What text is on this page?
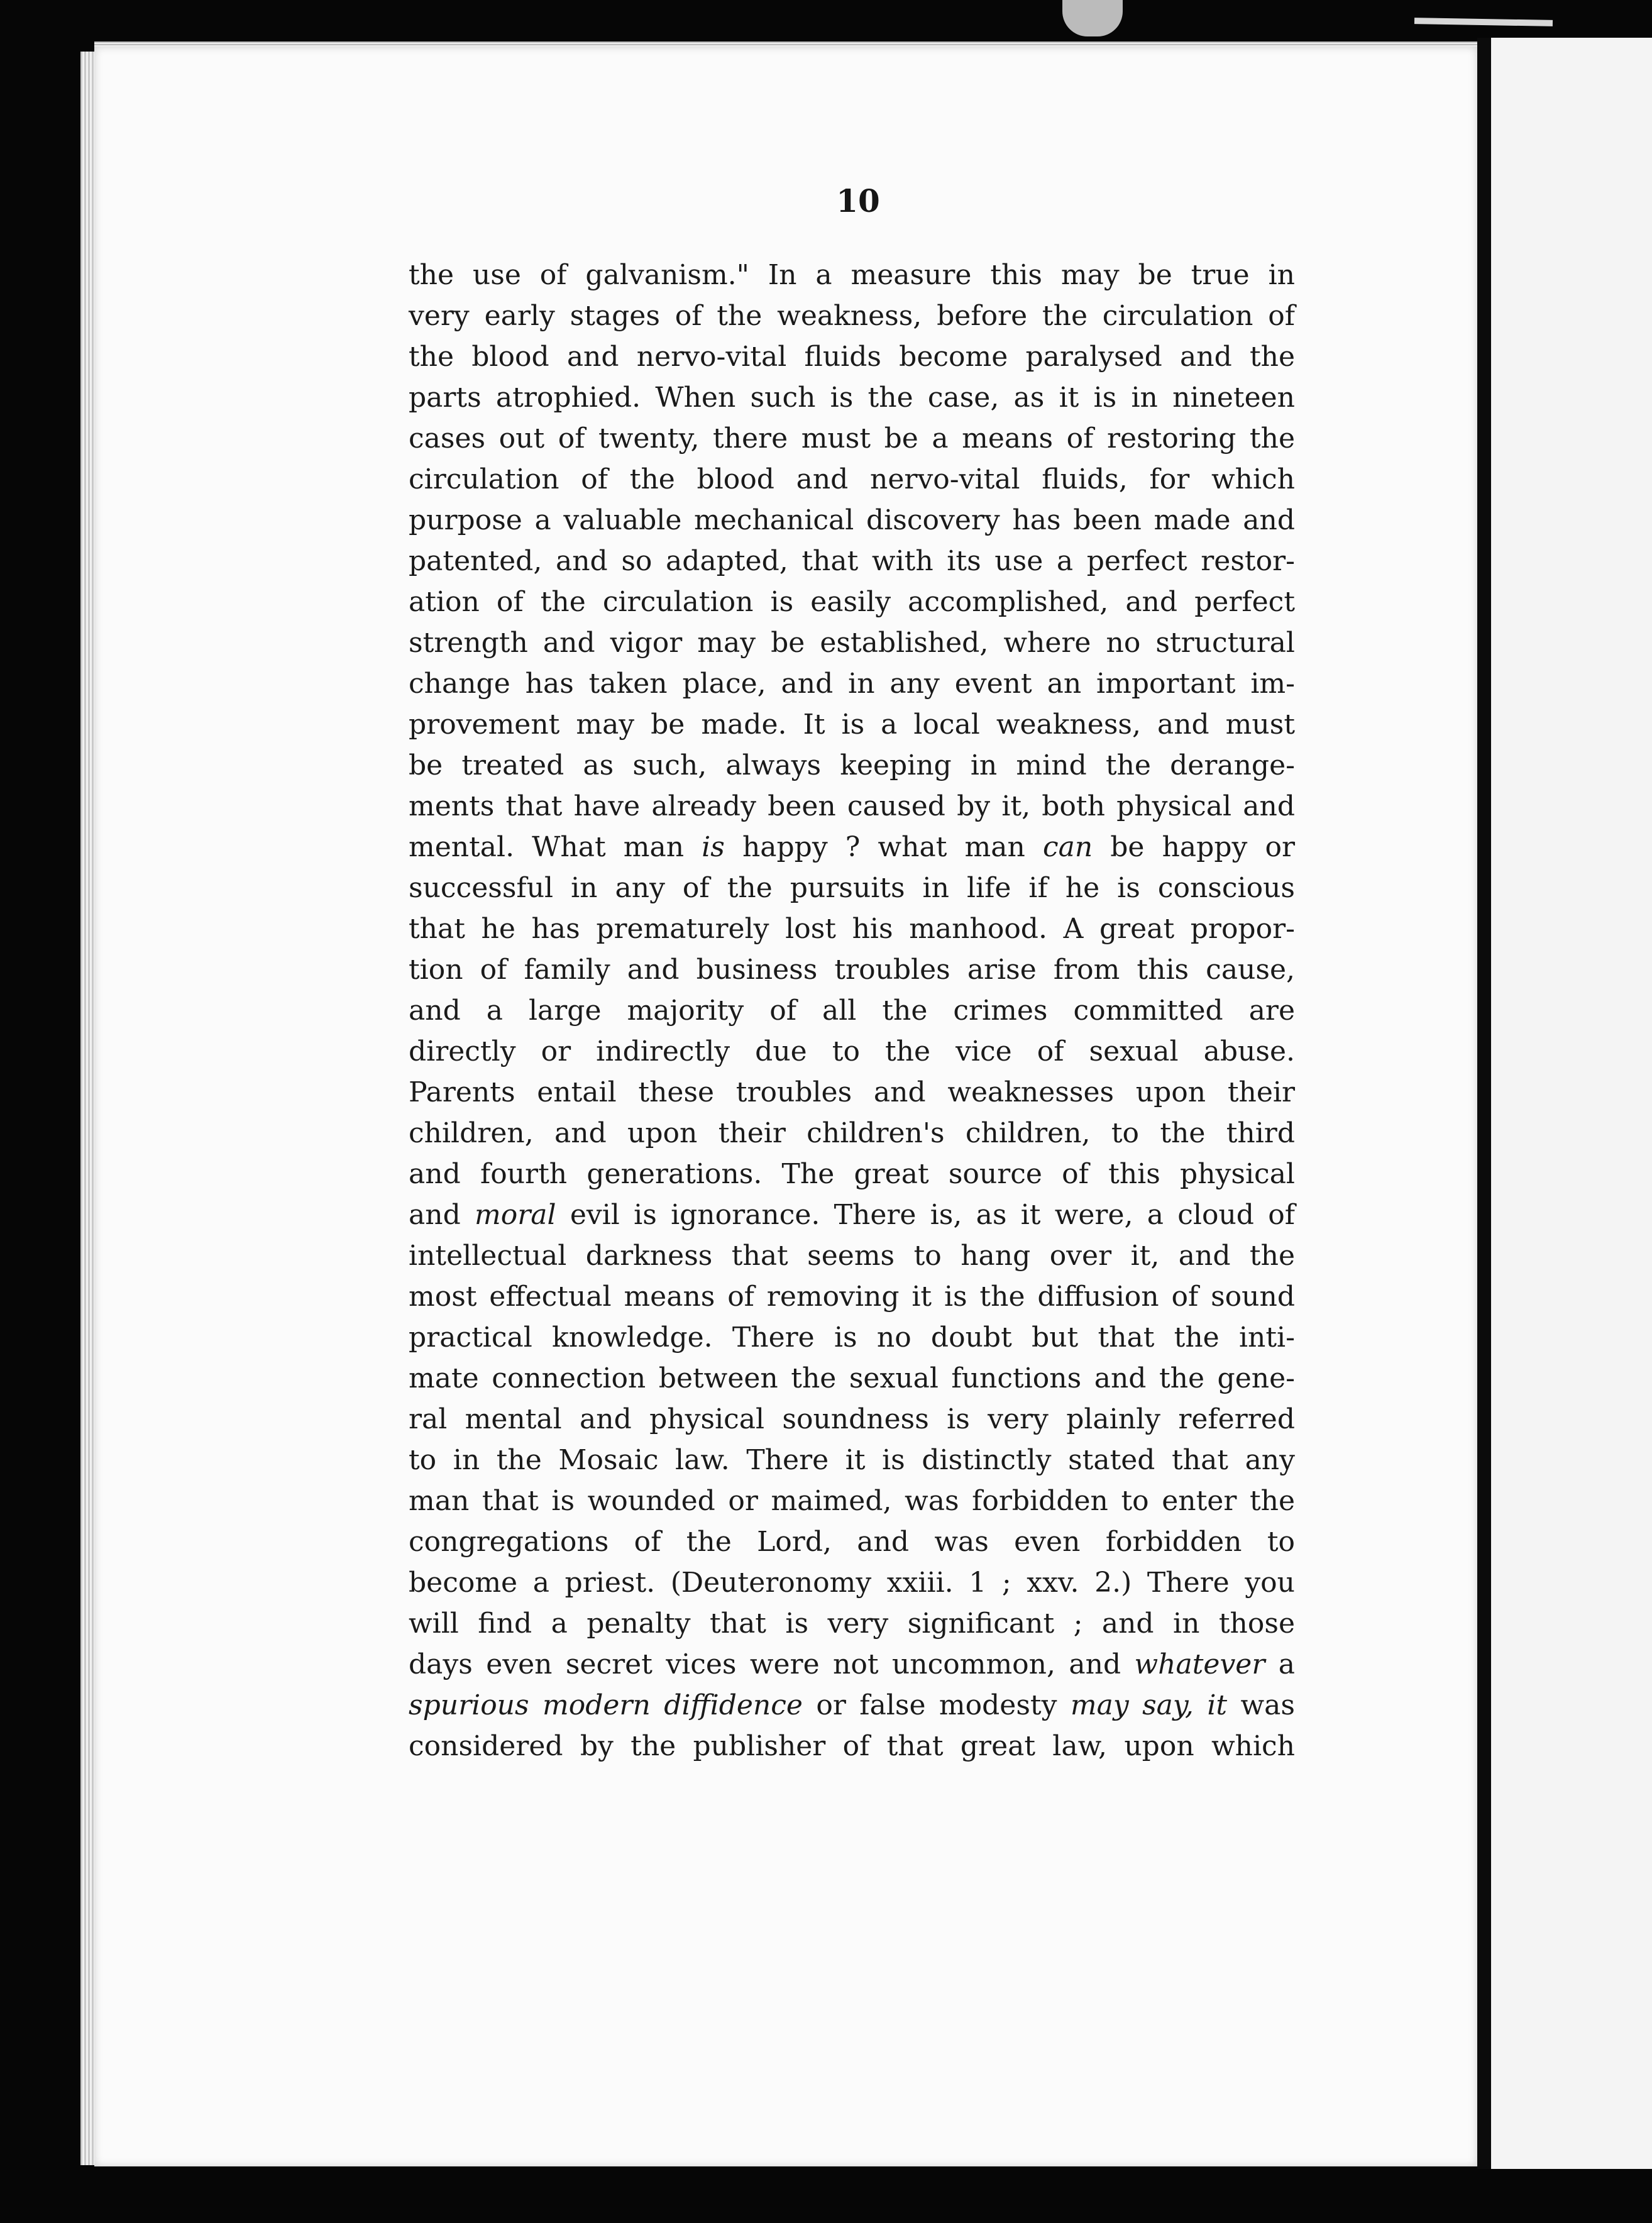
10
the use of galvanism." In a measure this may be true in
very early stages of the weakness, before the circulation of
the blood and nervo-vital fluids become paralysed and the
parts atrophied. When such is the case, as it is in nineteen
cases out of twenty, there must be a means of restoring the
circulation of the blood and nervo-vital fluids, for which
purpose a valuable mechanical discovery has been made and
patented, and so adapted, that with its use a perfect restor-
ation of the circulation is easily accomplished, and perfect
strength and vigor may be established, where no structural
change has taken place, and in any event an important im-
provement may be made. It is a local weakness, and must
be treated as such, always keeping in mind the derange-
ments that have already been caused by it, both physical and
mental. What man is happy ? what man can be happy or
successful in any of the pursuits in life if he is conscious
that he has prematurely lost his manhood. A great propor-
tion of family and business troubles arise from this cause,
and a large majority of all the crimes committed are
directly or indirectly due to the vice of sexual abuse.
Parents entail these troubles and weaknesses upon their
children, and upon their children's children, to the third
and fourth generations. The great source of this physical
and moral evil is ignorance. There is, as it were, a cloud of
intellectual darkness that seems to hang over it, and the
most effectual means of removing it is the diffusion of sound
practical knowledge. There is no doubt but that the inti-
mate connection between the sexual functions and the gene-
ral mental and physical soundness is very plainly referred
to in the Mosaic law. There it is distinctly stated that any
man that is wounded or maimed, was forbidden to enter the
congregations of the Lord, and was even forbidden to
become a priest. (Deuteronomy xxiii. 1 ; xxv. 2.) There you
will find a penalty that is very significant ; and in those
days even secret vices were not uncommon, and whatever a
spurious modern diffidence or false modesty may say, it was
considered by the publisher of that great law, upon which
